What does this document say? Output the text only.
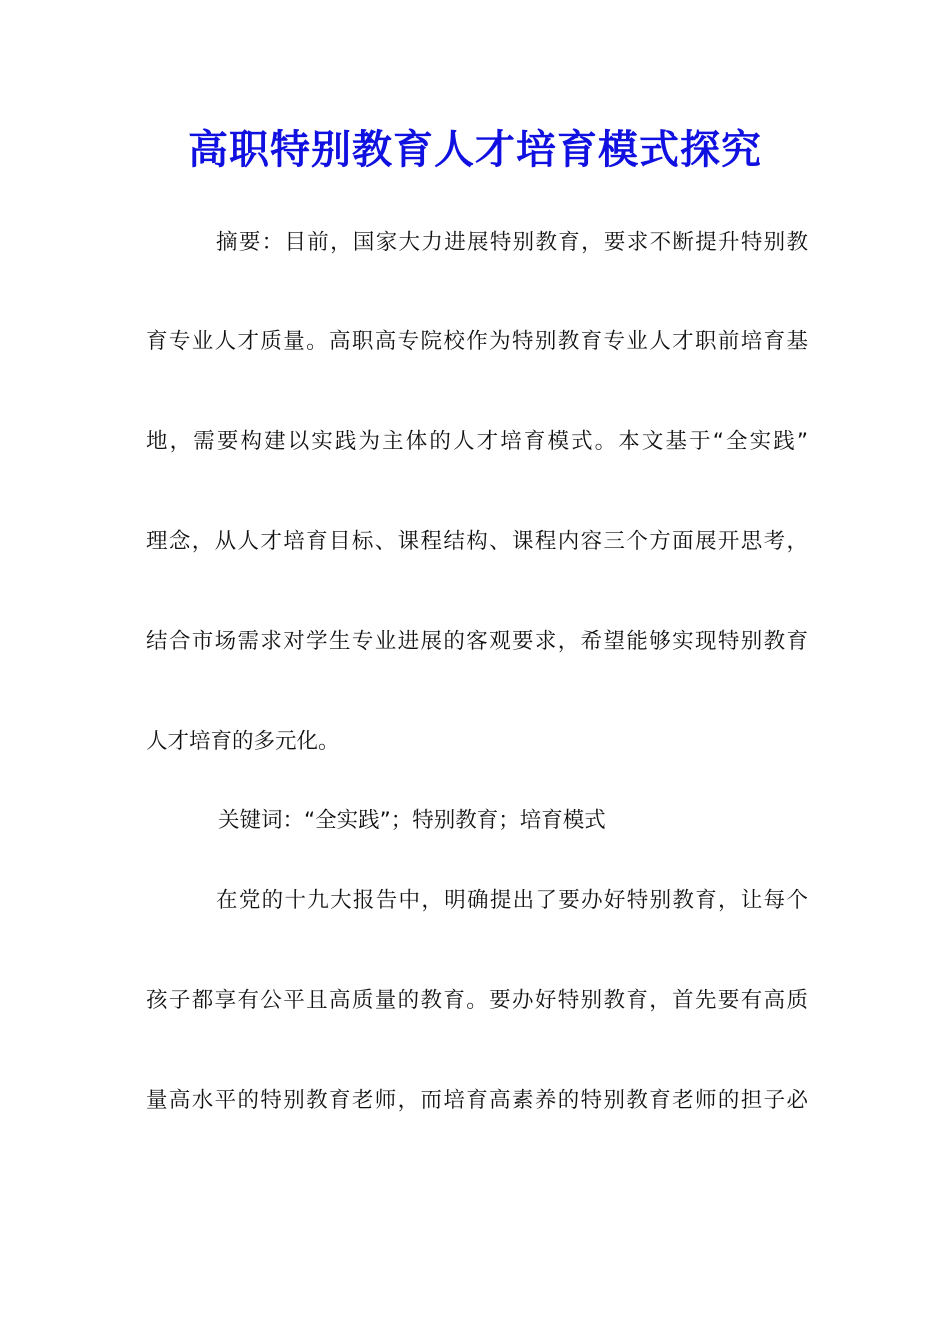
高职特别教育人才培育模式探究

摘要：目前，国家大力进展特别教育，要求不断提升特别教

育专业人才质量。高职高专院校作为特别教育专业人才职前培育基

地，需要构建以实践为主体的人才培育模式。本文基于“全实践”

理念，从人才培育目标、课程结构、课程内容三个方面展开思考，

结合市场需求对学生专业进展的客观要求，希望能够实现特别教育

人才培育的多元化。

关键词：“全实践”；特别教育；培育模式

在党的十九大报告中，明确提出了要办好特别教育，让每个

孩子都享有公平且高质量的教育。要办好特别教育，首先要有高质

量高水平的特别教育老师，而培育高素养的特别教育老师的担子必
